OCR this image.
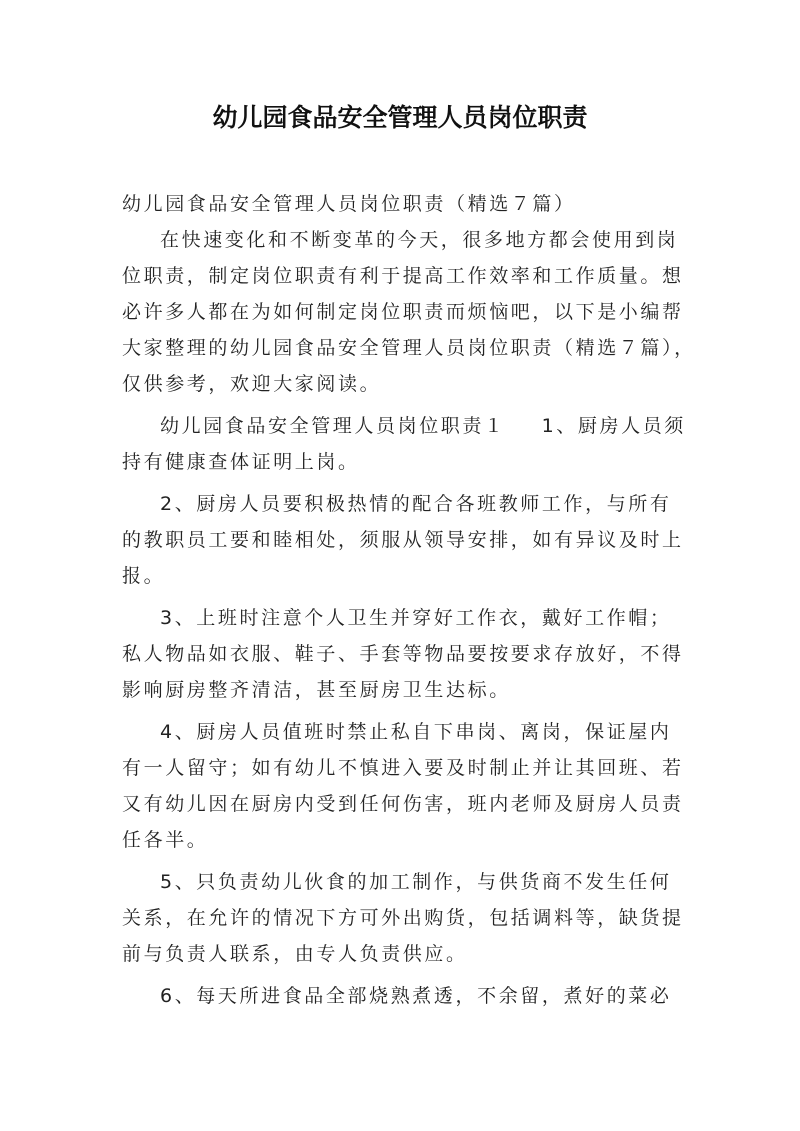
幼儿园食品安全管理人员岗位职责
幼儿园食品安全管理人员岗位职责（精选７篇）
在快速变化和不断变革的今天，很多地方都会使用到岗
位职责，制定岗位职责有利于提高工作效率和工作质量。想
必许多人都在为如何制定岗位职责而烦恼吧，以下是小编帮
大家整理的幼儿园食品安全管理人员岗位职责（精选７篇），
仅供参考，欢迎大家阅读。
幼儿园食品安全管理人员岗位职责１ 1、厨房人员须
持有健康查体证明上岗。
2、厨房人员要积极热情的配合各班教师工作，与所有
的教职员工要和睦相处，须服从领导安排，如有异议及时上
报。
3、上班时注意个人卫生并穿好工作衣，戴好工作帽；
私人物品如衣服、鞋子、手套等物品要按要求存放好，不得
影响厨房整齐清洁，甚至厨房卫生达标。
4、厨房人员值班时禁止私自下串岗、离岗，保证屋内
有一人留守；如有幼儿不慎进入要及时制止并让其回班、若
又有幼儿因在厨房内受到任何伤害，班内老师及厨房人员责
任各半。
5、只负责幼儿伙食的加工制作，与供货商不发生任何
关系，在允许的情况下方可外出购货，包括调料等，缺货提
前与负责人联系，由专人负责供应。
6、每天所进食品全部烧熟煮透，不余留，煮好的菜必
